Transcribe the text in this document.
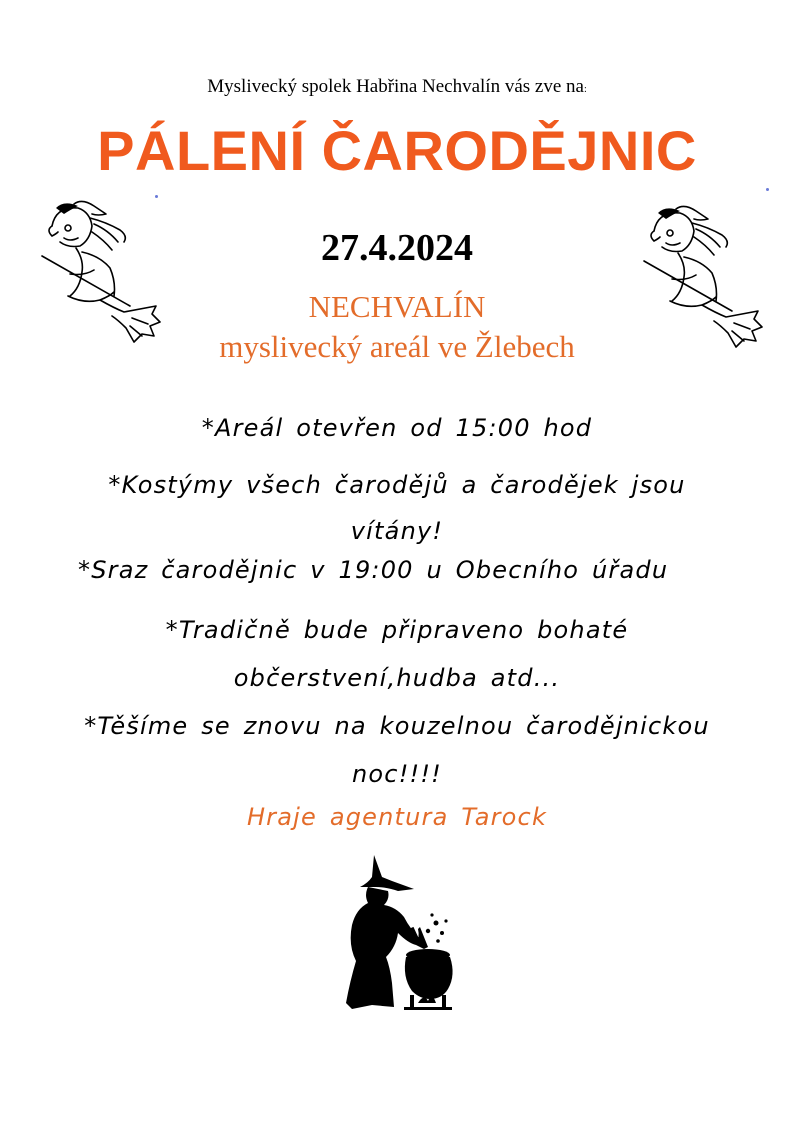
Myslivecký spolek Habřina Nechvalín vás zve na:
PÁLENÍ ČARODĚJNIC
27.4.2024
NECHVALÍN
myslivecký areál ve Žlebech
*Areál otevřen od 15:00 hod
*Kostýmy všech čarodějů a čarodějek jsou
vítány!
*Sraz čarodějnic v 19:00 u Obecního úřadu
*Tradičně bude připraveno bohaté
občerstvení,hudba atd...
*Těšíme se znovu na kouzelnou čarodějnickou
noc!!!!
Hraje agentura Tarock
